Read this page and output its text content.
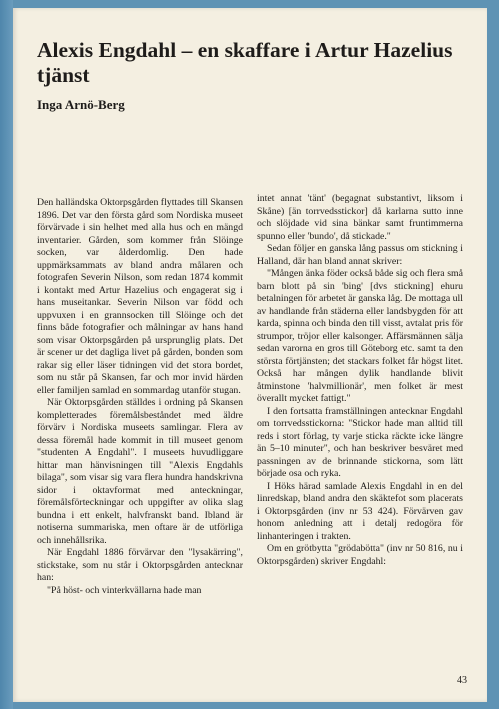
Alexis Engdahl – en skaffare i Artur Hazelius tjänst
Inga Arnö-Berg

Den halländska Oktorpsgården flyttades till Skansen 1896. Det var den första gård som Nordiska museet förvärvade i sin helhet med alla hus och en mängd inventarier. Gården, som kommer från Slöinge socken, var ålderdomlig. Den hade uppmärksammats av bland andra målaren och fotografen Severin Nilson, som redan 1874 kommit i kontakt med Artur Hazelius och engagerat sig i hans museitankar. Severin Nilson var född och uppvuxen i en grannsocken till Slöinge och det finns både fotografier och målningar av hans hand som visar Oktorpsgården på ursprunglig plats. Det är scener ur det dagliga livet på gården, bonden som rakar sig eller läser tidningen vid det stora bordet, som nu står på Skansen, far och mor invid härden eller familjen samlad en sommardag utanför stugan.

När Oktorpsgården ställdes i ordning på Skansen kompletterades föremålsbeståndet med äldre förvärv i Nordiska museets samlingar. Flera av dessa föremål hade kommit in till museet genom "studenten A Engdahl". I museets huvudliggare hittar man hänvisningen till "Alexis Engdahls bilaga", som visar sig vara flera hundra handskrivna sidor i oktavformat med anteckningar, föremålsförteckningar och uppgifter av olika slag bundna i ett enkelt, halvfranskt band. Ibland är notiserna summariska, men oftare är de utförliga och innehållsrika.

När Engdahl 1886 förvärvar den "lysakärring", stickstake, som nu står i Oktorpsgården antecknar han:

"På höst- och vinterkvällarna hade man

intet annat 'tänt' (begagnat substantivt, liksom i Skåne) [än torrvedsstickor] då karlarna sutto inne och slöjdade vid sina bänkar samt fruntimmerna spunno eller 'bundo', då stickade."

Sedan följer en ganska lång passus om stickning i Halland, där han bland annat skriver:

"Mången änka föder också både sig och flera små barn blott på sin 'bing' [dvs stickning] ehuru betalningen för arbetet är ganska låg. De mottaga ull av handlande från städerna eller landsbygden för att karda, spinna och binda den till visst, avtalat pris för strumpor, tröjor eller kalsonger. Affärsmännen sälja sedan varorna en gros till Göteborg etc. samt ta den största förtjänsten; det stackars folket får högst litet. Också har mången dylik handlande blivit åtminstone 'halvmillionär', men folket är mest överallt mycket fattigt."

I den fortsatta framställningen antecknar Engdahl om torrvedsstickorna: "Stickor hade man alltid till reds i stort förlag, ty varje sticka räckte icke längre än 5–10 minuter", och han beskriver besväret med passningen av de brinnande stickorna, som lätt började osa och ryka.

I Höks härad samlade Alexis Engdahl in en del linredskap, bland andra den skäktefot som placerats i Oktorpsgården (inv nr 53 424). Förvärven gav honom anledning att i detalj redogöra för linhanteringen i trakten.

Om en grötbytta "grödabötta" (inv nr 50 816, nu i Oktorpsgården) skriver Engdahl:

43
